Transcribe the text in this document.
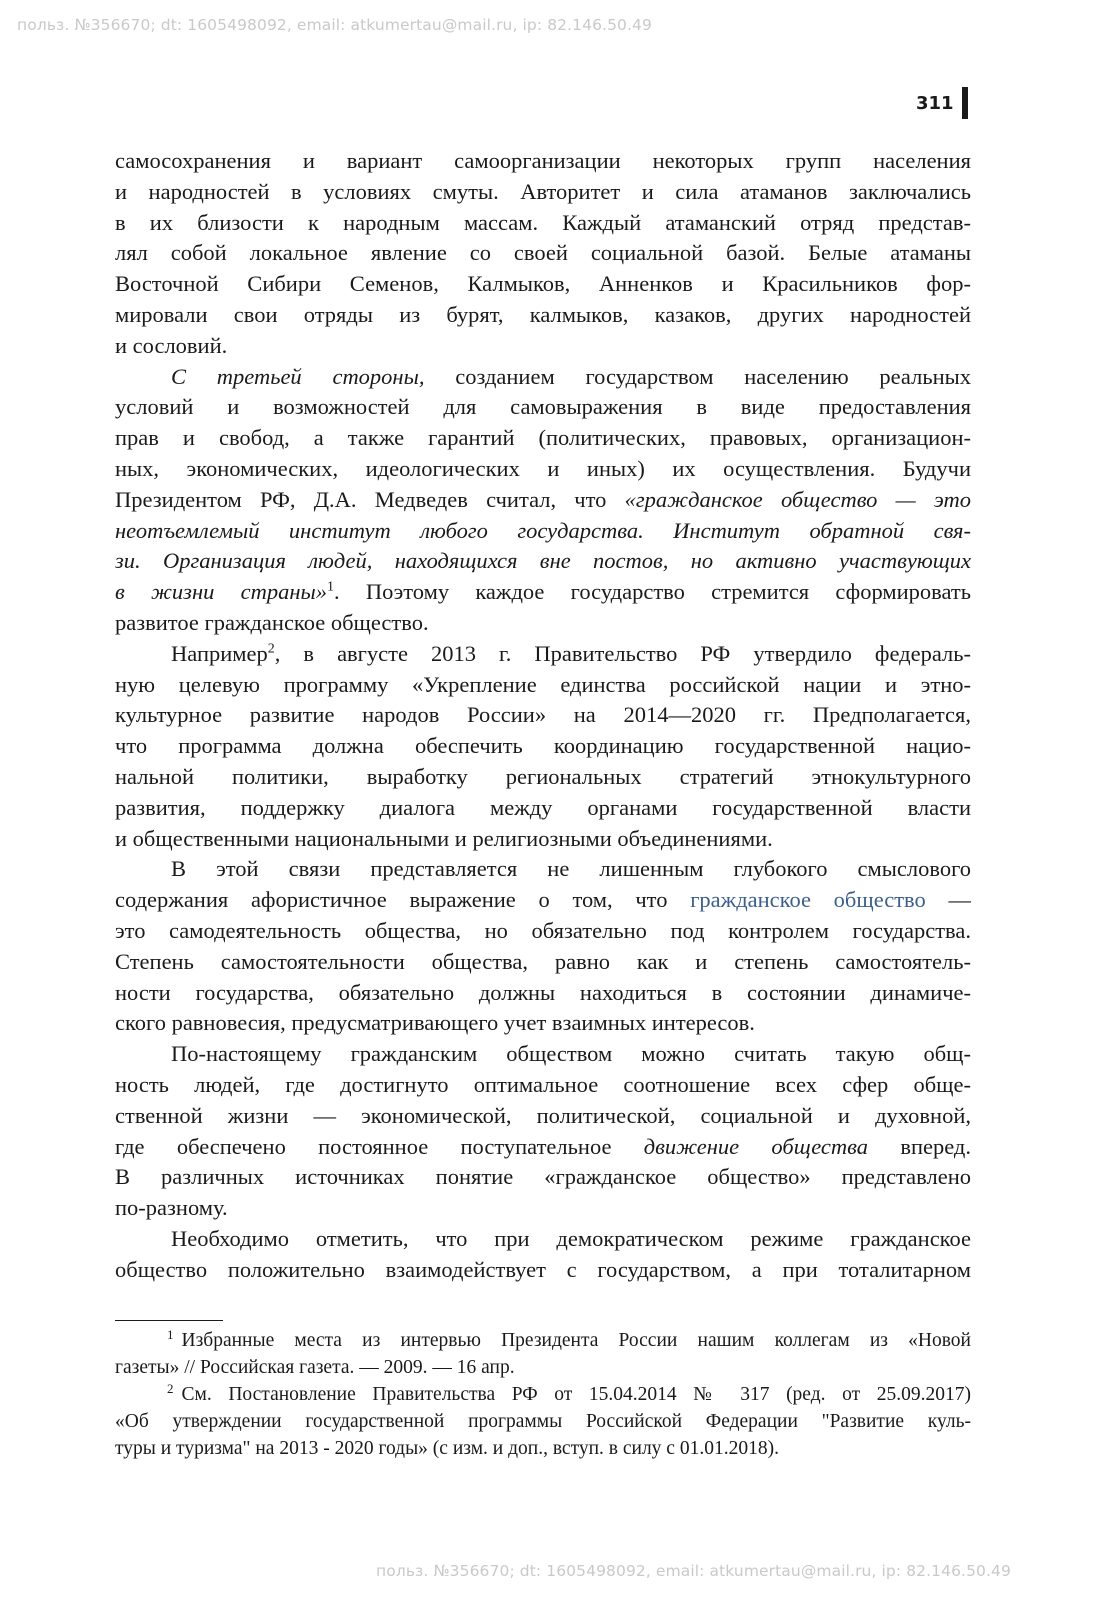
польз. №356670; dt: 1605498092, email: atkumertau@mail.ru, ip: 82.146.50.49
311
самосохранения и вариант самоорганизации некоторых групп населения
и народностей в условиях смуты. Авторитет и сила атаманов заключались
в их близости к народным массам. Каждый атаманский отряд представ-
лял собой локальное явление со своей социальной базой. Белые атаманы
Восточной Сибири Семенов, Калмыков, Анненков и Красильников фор-
мировали свои отряды из бурят, калмыков, казаков, других народностей
и сословий.
С третьей стороны, созданием государством населению реальных
условий и возможностей для самовыражения в виде предоставления
прав и свобод, а также гарантий (политических, правовых, организацион-
ных, экономических, идеологических и иных) их осуществления. Будучи
Президентом РФ, Д.А. Медведев считал, что «гражданское общество — это
неотъемлемый институт любого государства. Институт обратной свя-
зи. Организация людей, находящихся вне постов, но активно участвующих
в жизни страны»$^1$. Поэтому каждое государство стремится сформировать
развитое гражданское общество.
Например$^2$, в августе 2013 г. Правительство РФ утвердило федераль-
ную целевую программу «Укрепление единства российской нации и этно-
культурное развитие народов России» на 2014—2020 гг. Предполагается,
что программа должна обеспечить координацию государственной нацио-
нальной политики, выработку региональных стратегий этнокультурного
развития, поддержку диалога между органами государственной власти
и общественными национальными и религиозными объединениями.
В этой связи представляется не лишенным глубокого смыслового
содержания афористичное выражение о том, что гражданское общество —
это самодеятельность общества, но обязательно под контролем государства.
Степень самостоятельности общества, равно как и степень самостоятель-
ности государства, обязательно должны находиться в состоянии динамиче-
ского равновесия, предусматривающего учет взаимных интересов.
По-настоящему гражданским обществом можно считать такую общ-
ность людей, где достигнуто оптимальное соотношение всех сфер обще-
ственной жизни — экономической, политической, социальной и духовной,
где обеспечено постоянное поступательное движение общества вперед.
В различных источниках понятие «гражданское общество» представлено
по-разному.
Необходимо отметить, что при демократическом режиме гражданское
общество положительно взаимодействует с государством, а при тоталитарном
$^1$ Избранные места из интервью Президента России нашим коллегам из «Новой
газеты» // Российская газета. — 2009. — 16 апр.
$^2$ См. Постановление Правительства РФ от 15.04.2014 № 317 (ред. от 25.09.2017)
«Об утверждении государственной программы Российской Федерации "Развитие куль-
туры и туризма" на 2013 - 2020 годы» (с изм. и доп., вступ. в силу с 01.01.2018).
польз. №356670; dt: 1605498092, email: atkumertau@mail.ru, ip: 82.146.50.49
